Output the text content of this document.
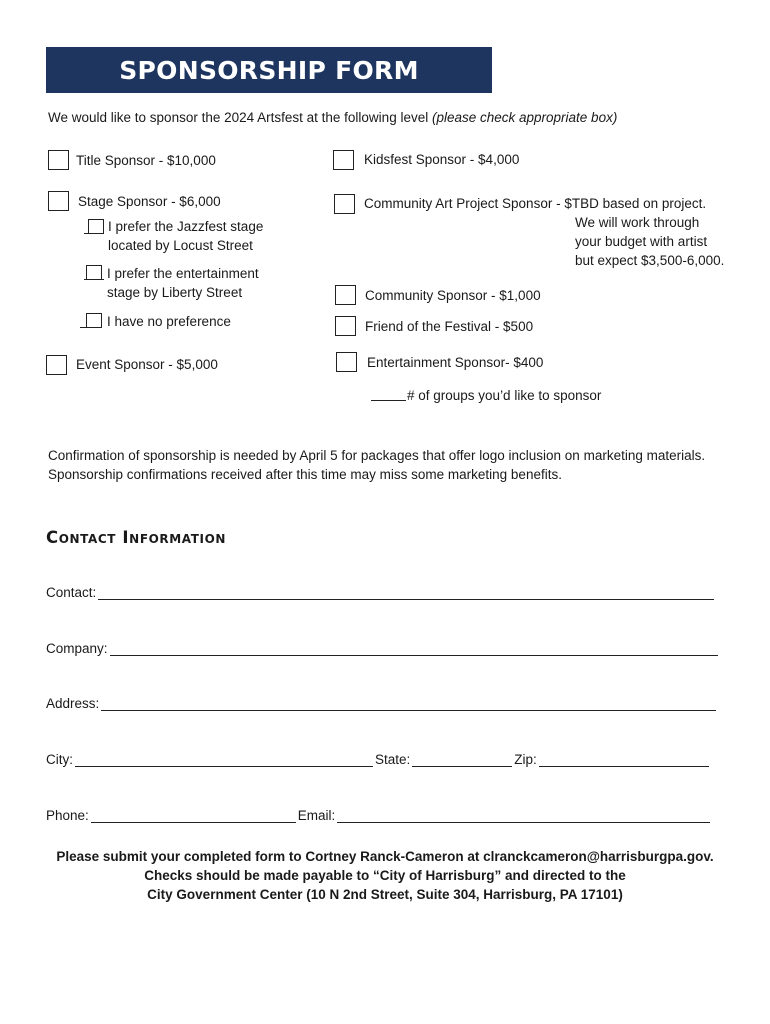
SPONSORSHIP FORM
We would like to sponsor the 2024 Artsfest at the following level (please check appropriate box)
Title Sponsor - $10,000
Stage Sponsor - $6,000
I prefer the Jazzfest stage
located by Locust Street
I prefer the entertainment
stage by Liberty Street
I have no preference
Event Sponsor - $5,000
Kidsfest Sponsor - $4,000
Community Art Project Sponsor - $TBD based on project.
We will work through
your budget with artist
but expect $3,500-6,000.
Community Sponsor - $1,000
Friend of the Festival - $500
Entertainment Sponsor- $400
# of groups you’d like to sponsor
Confirmation of sponsorship is needed by April 5 for packages that offer logo inclusion on marketing materials.
Sponsorship confirmations received after this time may miss some marketing benefits.
Contact Information
Contact:
Company:
Address:
City:	State:	Zip:
Phone:	Email:
Please submit your completed form to Cortney Ranck-Cameron at clranckcameron@harrisburgpa.gov.
Checks should be made payable to “City of Harrisburg” and directed to the
City Government Center (10 N 2nd Street, Suite 304, Harrisburg, PA 17101)
